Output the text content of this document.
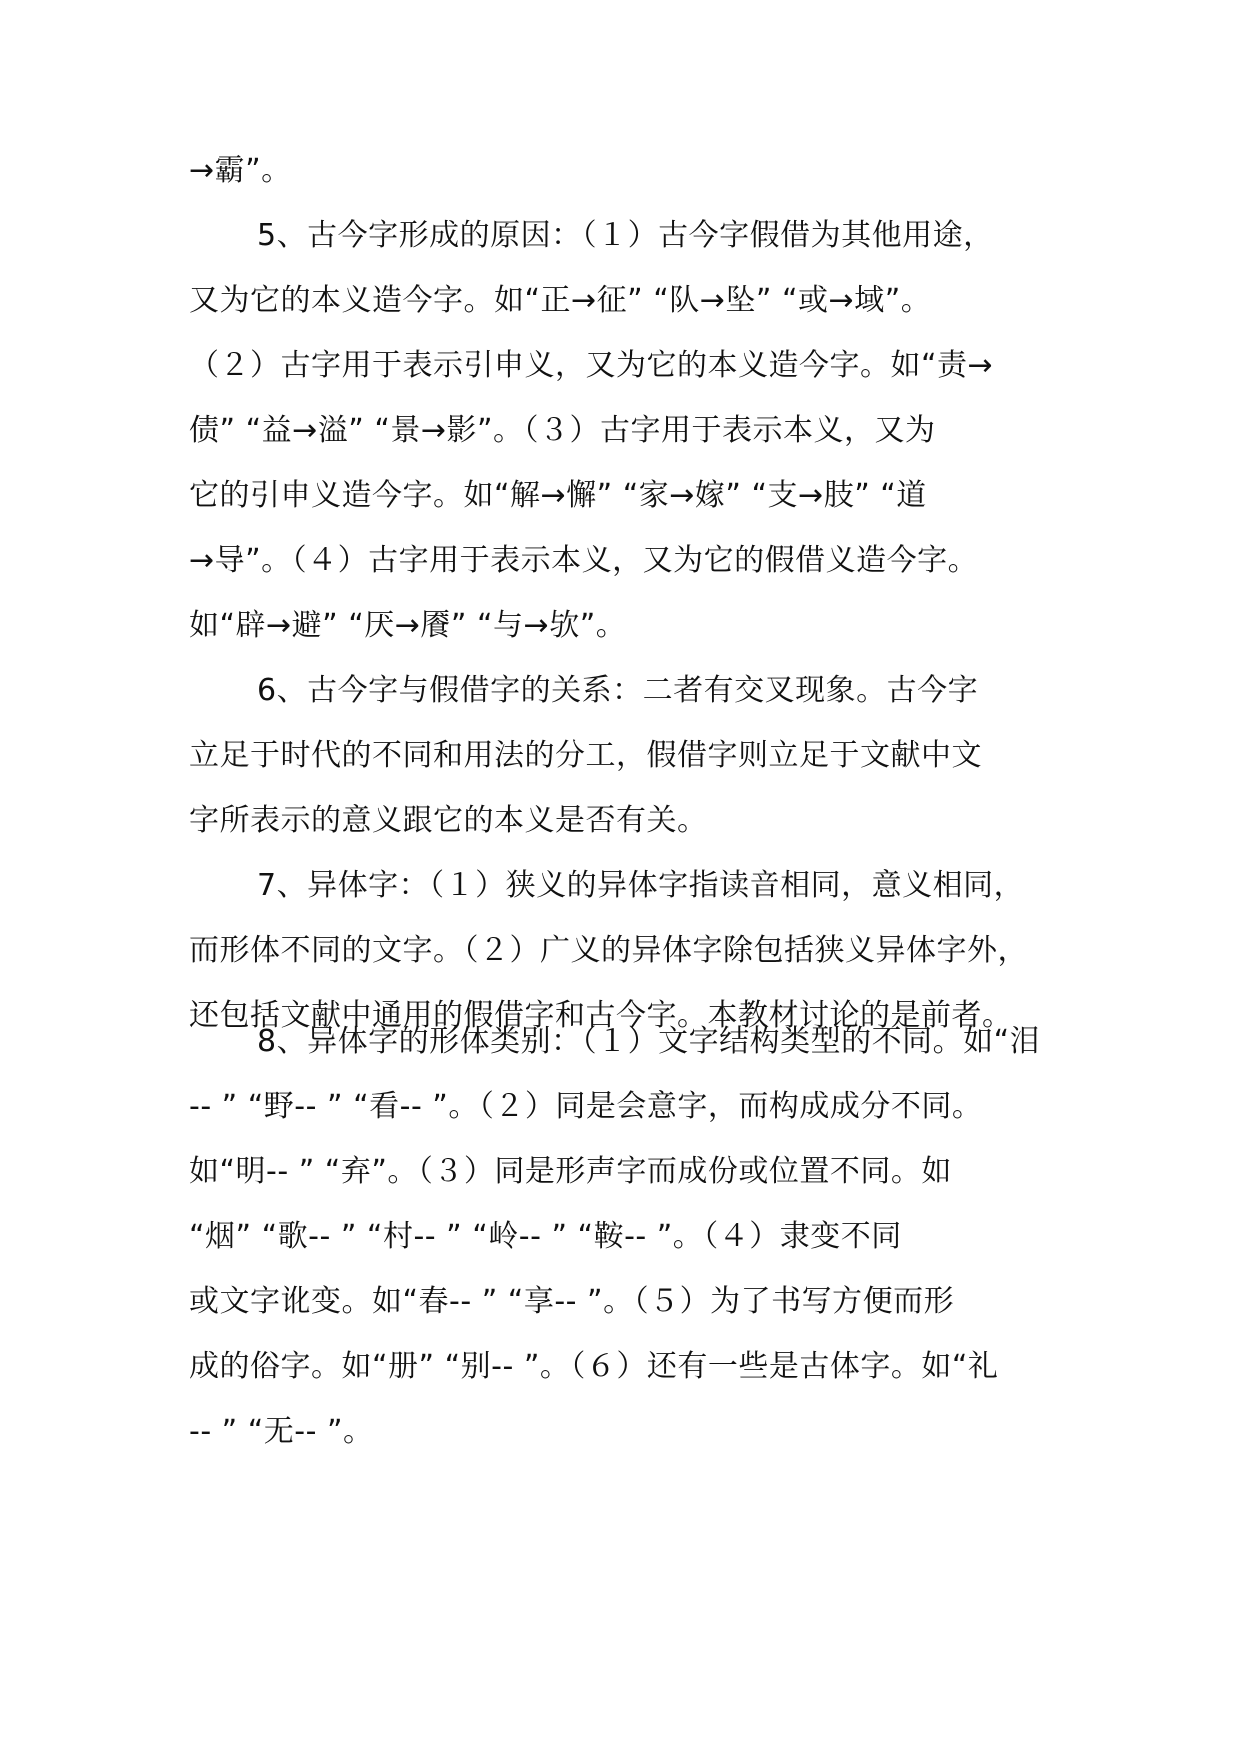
→霸”。
5、古今字形成的原因：（１）古今字假借为其他用途，
又为它的本义造今字。如“正→征” “队→坠” “或→域”。
（２）古字用于表示引申义，又为它的本义造今字。如“责→
债” “益→溢” “景→影”。（３）古字用于表示本义，又为
它的引申义造今字。如“解→懈” “家→嫁” “支→肢” “道
→导”。（４）古字用于表示本义，又为它的假借义造今字。
如“辟→避” “厌→餍” “与→欤”。
6、古今字与假借字的关系：二者有交叉现象。古今字
立足于时代的不同和用法的分工，假借字则立足于文献中文
字所表示的意义跟它的本义是否有关。
7、异体字：（１）狭义的异体字指读音相同，意义相同，
而形体不同的文字。（２）广义的异体字除包括狭义异体字外，
还包括文献中通用的假借字和古今字。本教材讨论的是前者。
8、异体字的形体类别：（１）文字结构类型的不同。如“泪
-- ” “野-- ” “看-- ”。（２）同是会意字，而构成成分不同。
如“明-- ” “弃”。（３）同是形声字而成份或位置不同。如
“烟” “歌-- ” “村-- ” “岭-- ” “鞍-- ”。（４）隶变不同
或文字讹变。如“春-- ” “享-- ”。（５）为了书写方便而形
成的俗字。如“册” “别-- ”。（６）还有一些是古体字。如“礼
-- ” “无-- ”。
